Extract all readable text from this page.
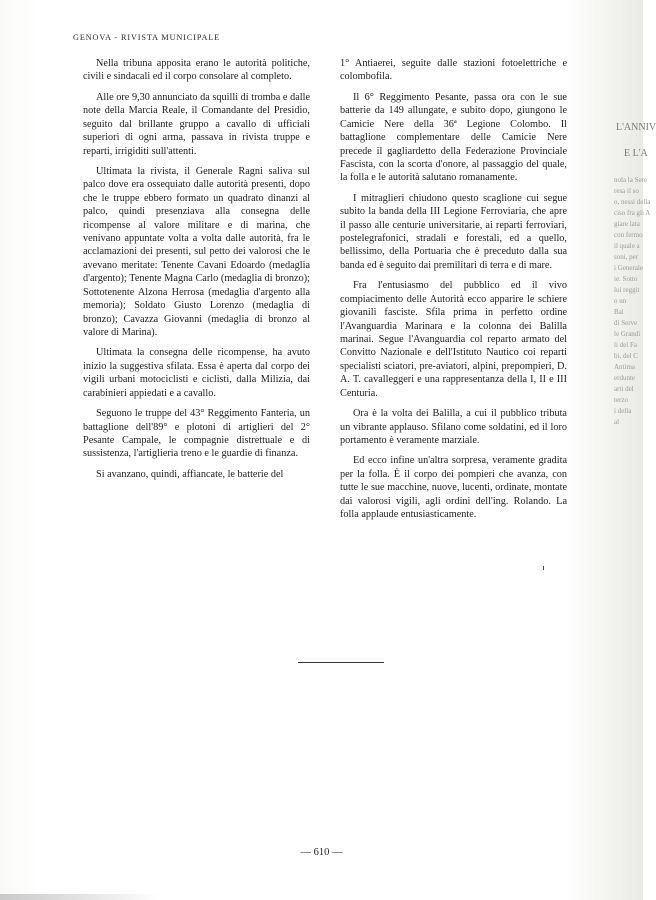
GENOVA - RIVISTA MUNICIPALE

Nella tribuna apposita erano le autorità politiche, civili e sindacali ed il corpo consolare al completo.

Alle ore 9,30 annunciato da squilli di tromba e dalle note della Marcia Reale, il Comandante del Presidio, seguito dal brillante gruppo a cavallo di ufficiali superiori di ogni arma, passava in rivista truppe e reparti, irrigiditi sull'attenti.

Ultimata la rivista, il Generale Ragni saliva sul palco dove era ossequiato dalle autorità presenti, dopo che le truppe ebbero formato un quadrato dinanzi al palco, quindi presenziava alla consegna delle ricompense al valore militare e di marina, che venivano appuntate volta a volta dalle autorità, fra le acclamazioni dei presenti, sul petto dei valorosi che le avevano meritate: Tenente Cavani Edoardo (medaglia d'argento); Tenente Magna Carlo (medaglia di bronzo); Sottotenente Alzona Herrosa (medaglia d'argento alla memoria); Soldato Giusto Lorenzo (medaglia di bronzo); Cavazza Giovanni (medaglia di bronzo al valore di Marina).

Ultimata la consegna delle ricompense, ha avuto inizio la suggestiva sfilata. Essa è aperta dal corpo dei vigili urbani motociclisti e ciclisti, dalla Milizia, dai carabinieri appiedati e a cavallo.

Seguono le truppe del 43° Reggimento Fanteria, un battaglione dell'89° e plotoni di artiglieri del 2° Pesante Campale, le compagnie distrettuale e di sussistenza, l'artiglieria treno e le guardie di finanza.

Si avanzano, quindi, affiancate, le batterie del

1° Antiaerei, seguite dalle stazioni fotoelettriche e colombofila.

Il 6° Reggimento Pesante, passa ora con le sue batterie da 149 allungate, e subito dopo, giungono le Camicie Nere della 36ª Legione Colombo. Il battaglione complementare delle Camicie Nere precede il gagliardetto della Federazione Provinciale Fascista, con la scorta d'onore, al passaggio del quale, la folla e le autorità salutano romanamente.

I mitraglieri chiudono questo scaglione cui segue subito la banda della III Legione Ferroviaria, che apre il passo alle centurie universitarie, ai reparti ferroviari, postelegrafonici, stradali e forestali, ed a quello, bellissimo, della Portuaria che è preceduto dalla sua banda ed è seguito dai premilitari di terra e di mare.

Fra l'entusiasmo del pubblico ed il vivo compiacimento delle Autorità ecco apparire le schiere giovanili fasciste. Sfila prima in perfetto ordine l'Avanguardia Marinara e la colonna dei Balilla marinai. Segue l'Avanguardia col reparto armato del Convitto Nazionale e dell'Istituto Nautico coi reparti specialisti sciatori, pre-aviatori, alpini, prepompieri, D. A. T. cavalleggeri e una rappresentanza della I, II e III Centuria.

Ora è la volta dei Balilla, a cui il pubblico tributa un vibrante applauso. Sfilano come soldatini, ed il loro portamento è veramente marziale.

Ed ecco infine un'altra sorpresa, veramente gradita per la folla. È il corpo dei pompieri che avanza, con tutte le sue macchine, nuove, lucenti, ordinate, montate dai valorosi vigili, agli ordini dell'ing. Rolando. La folla applaude entusiasticamente.

— 610 —
L'ANNIV
E L'A
nola la Sere
resa il so
o, nessi della
ciso fra gli A
giare lata
con fermo
il quale a
soni, per
i Generale
ie. Sotto
lui reggit
o un
Bal
di Serve
le Grandi
li del Fa
bi, del C
Antima
erdunte
arti del
terzo
i della
al
